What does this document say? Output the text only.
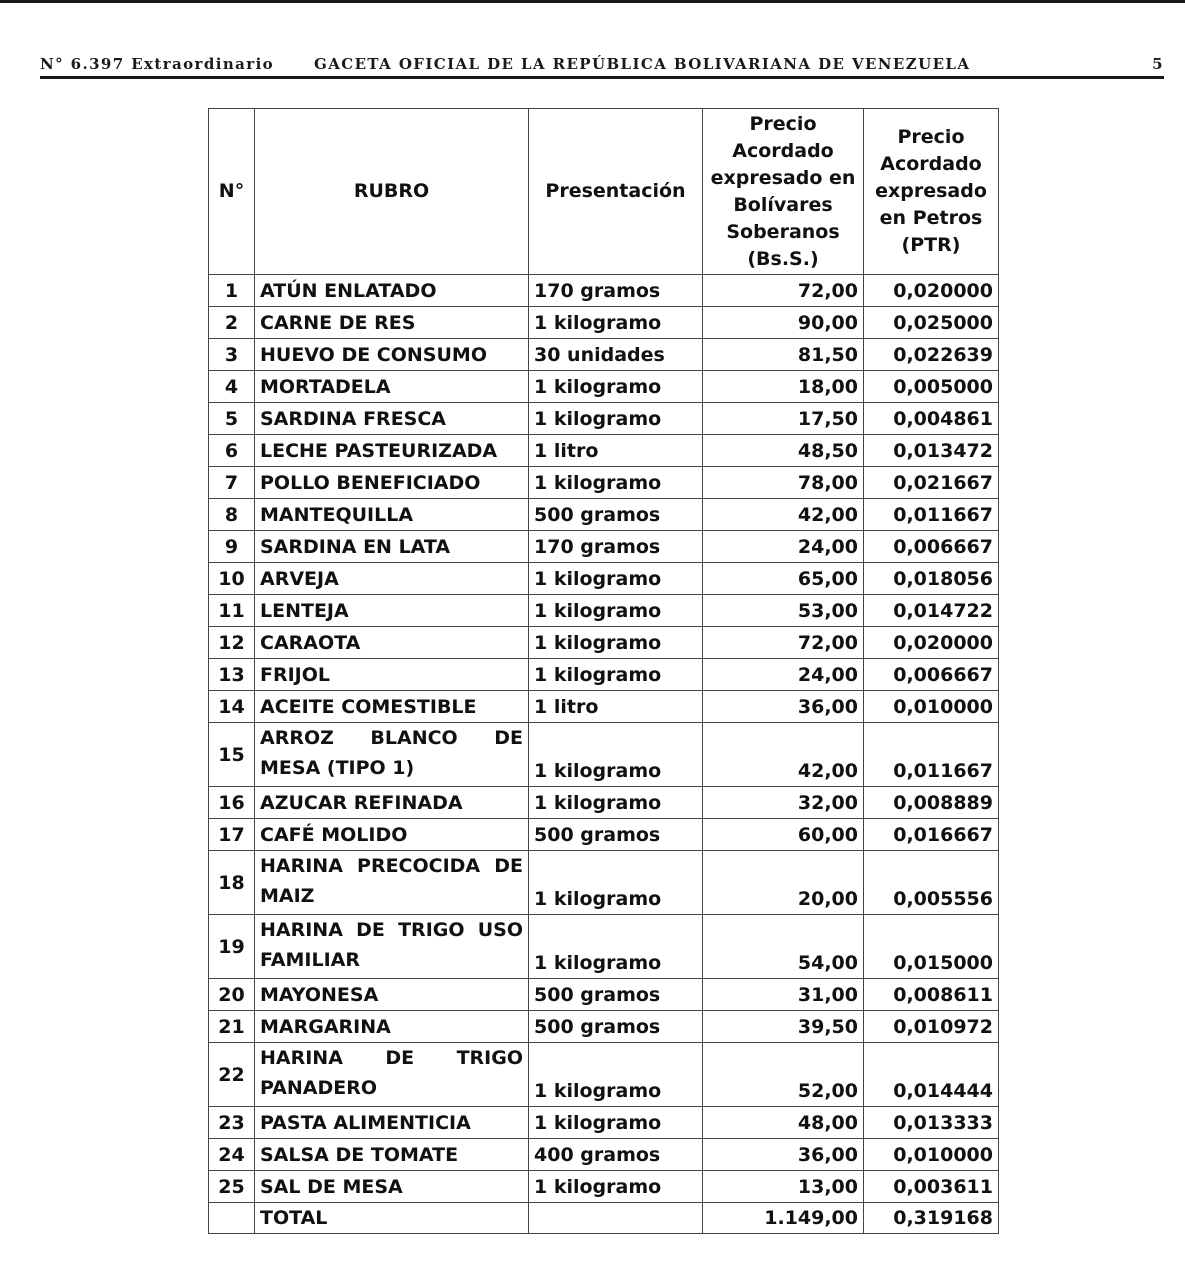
N° 6.397 Extraordinario	GACETA OFICIAL DE LA REPÚBLICA BOLIVARIANA DE VENEZUELA	5
N°	RUBRO	Presentación	Precio Acordado expresado en Bolívares Soberanos (Bs.S.)	Precio Acordado expresado en Petros (PTR)
1	ATÚN ENLATADO	170 gramos	72,00	0,020000
2	CARNE DE RES	1 kilogramo	90,00	0,025000
3	HUEVO DE CONSUMO	30 unidades	81,50	0,022639
4	MORTADELA	1 kilogramo	18,00	0,005000
5	SARDINA FRESCA	1 kilogramo	17,50	0,004861
6	LECHE PASTEURIZADA	1 litro	48,50	0,013472
7	POLLO BENEFICIADO	1 kilogramo	78,00	0,021667
8	MANTEQUILLA	500 gramos	42,00	0,011667
9	SARDINA EN LATA	170 gramos	24,00	0,006667
10	ARVEJA	1 kilogramo	65,00	0,018056
11	LENTEJA	1 kilogramo	53,00	0,014722
12	CARAOTA	1 kilogramo	72,00	0,020000
13	FRIJOL	1 kilogramo	24,00	0,006667
14	ACEITE COMESTIBLE	1 litro	36,00	0,010000
15	ARROZ BLANCO DE MESA (TIPO 1)	1 kilogramo	42,00	0,011667
16	AZUCAR REFINADA	1 kilogramo	32,00	0,008889
17	CAFÉ MOLIDO	500 gramos	60,00	0,016667
18	HARINA PRECOCIDA DE MAIZ	1 kilogramo	20,00	0,005556
19	HARINA DE TRIGO USO FAMILIAR	1 kilogramo	54,00	0,015000
20	MAYONESA	500 gramos	31,00	0,008611
21	MARGARINA	500 gramos	39,50	0,010972
22	HARINA DE TRIGO PANADERO	1 kilogramo	52,00	0,014444
23	PASTA ALIMENTICIA	1 kilogramo	48,00	0,013333
24	SALSA DE TOMATE	400 gramos	36,00	0,010000
25	SAL DE MESA	1 kilogramo	13,00	0,003611
	TOTAL		1.149,00	0,319168
